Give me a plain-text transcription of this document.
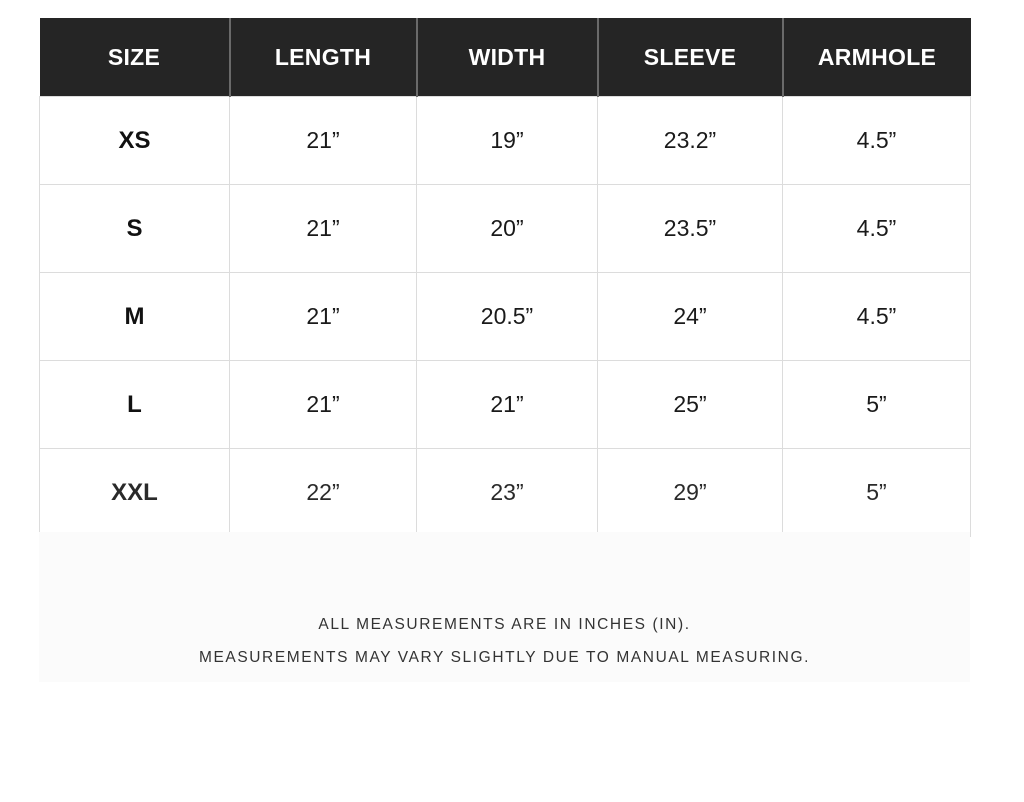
SIZE	LENGTH	WIDTH	SLEEVE	ARMHOLE
XS	21”	19”	23.2”	4.5”
S	21”	20”	23.5”	4.5”
M	21”	20.5”	24”	4.5”
L	21”	21”	25”	5”
XXL	22”	23”	29”	5”
ALL MEASUREMENTS ARE IN INCHES (IN).
MEASUREMENTS MAY VARY SLIGHTLY DUE TO MANUAL MEASURING.
